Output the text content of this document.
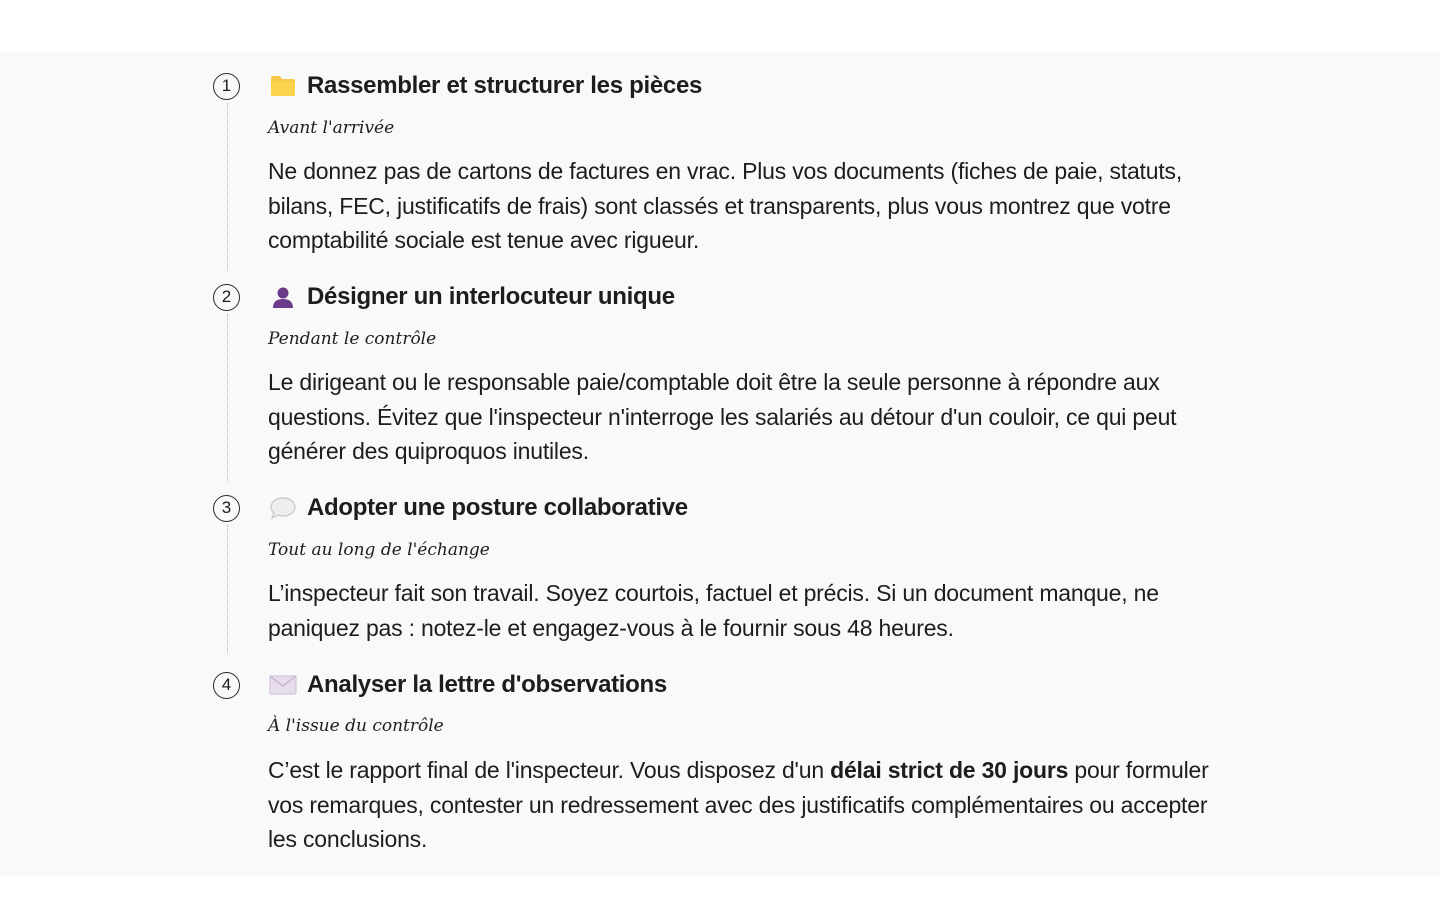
1	Rassembler et structurer les pièces
Avant l'arrivée
Ne donnez pas de cartons de factures en vrac. Plus vos documents (fiches de paie, statuts, bilans, FEC, justificatifs de frais) sont classés et transparents, plus vous montrez que votre comptabilité sociale est tenue avec rigueur.
2	Désigner un interlocuteur unique
Pendant le contrôle
Le dirigeant ou le responsable paie/comptable doit être la seule personne à répondre aux questions. Évitez que l'inspecteur n'interroge les salariés au détour d'un couloir, ce qui peut générer des quiproquos inutiles.
3	Adopter une posture collaborative
Tout au long de l'échange
L’inspecteur fait son travail. Soyez courtois, factuel et précis. Si un document manque, ne paniquez pas : notez-le et engagez-vous à le fournir sous 48 heures.
4	Analyser la lettre d'observations
À l'issue du contrôle
C’est le rapport final de l'inspecteur. Vous disposez d'un délai strict de 30 jours pour formuler vos remarques, contester un redressement avec des justificatifs complémentaires ou accepter les conclusions.
